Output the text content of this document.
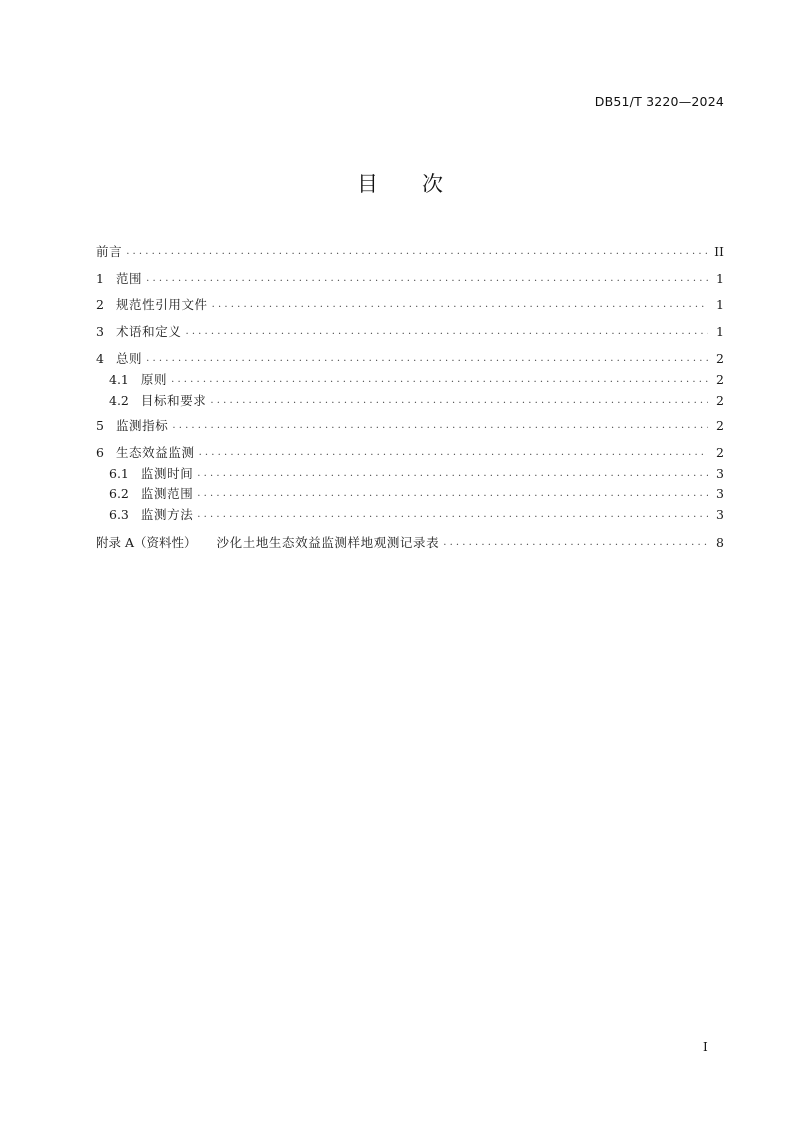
DB51/T 3220—2024
目 次
前言 . . .	II
1 范围 . . .	1
2 规范性引用文件 . . .	1
3 术语和定义 . . .	1
4 总则 . . .	2
4.1 原则 . . .	2
4.2 目标和要求 . . .	2
5 监测指标 . . .	2
6 生态效益监测 . . .	2
6.1 监测时间 . . .	3
6.2 监测范围 . . .	3
6.3 监测方法 . . .	3
附录 A（资料性） 沙化土地生态效益监测样地观测记录表 . . .	8
I
